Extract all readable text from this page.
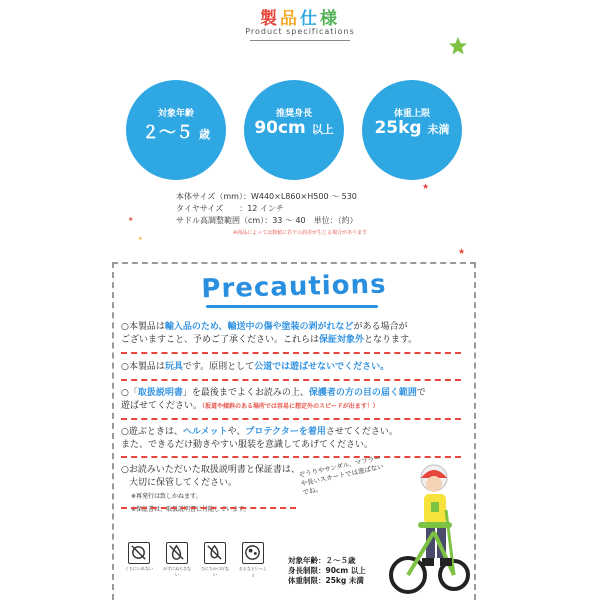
製品仕様
Product specifications
★
★
★
★
対象年齢
２～５ 歳
推奨身長
90cm 以上
体重上限
25kg 未満
本体サイズ（mm）：W440×L860×H500 ～ 530
タイヤサイズ　　：12 インチ
サドル高調整範囲（cm）：33 ～ 40　単位：（約）
※商品によっては数値に若干の誤差が生じる場合があります
Precautions
○本製品は輸入品のため、輸送中の傷や塗装の剥がれなどがある場合が
ございますこと、予めご了承ください。これらは保証対象外となります。
○本製品は玩具です。原則として公道では遊ばせないでください。
○「取扱説明書」を最後までよくお読みの上、保護者の方の目の届く範囲で
遊ばせてください。（坂道や傾斜のある場所では容易に想定外のスピードが出ます！）
○遊ぶときは、ヘルメットや、プロテクターを着用させてください。
また、できるだけ動きやすい服装を意識してあげてください。
○お読みいただいた取扱説明書と保証書は、
大切に保管してください。
※再発行は致しかねます。
※保証書は、取扱説明書に付随しています。
ぞうりやサンダル、マフラーや長いスカートでは遊ばないでね。
くちにいれない	みずにぬらさない
ひにちかづけない
おとなといっしょ
対象年齢：２～５歳
身長制限：90cm 以上
体重制限：25kg 未満
